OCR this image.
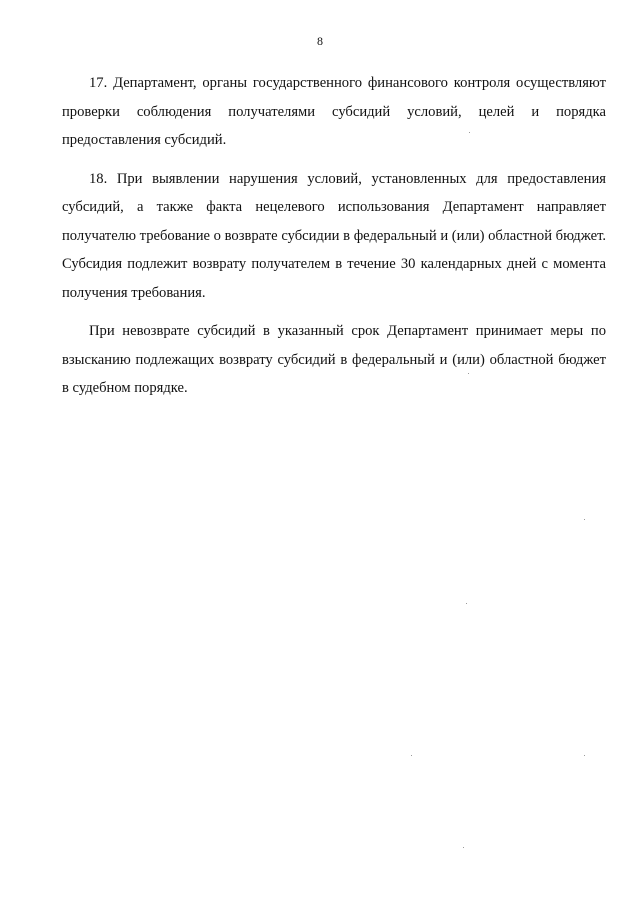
8

17. Департамент, органы государственного финансового контроля осуществляют проверки соблюдения получателями субсидий условий, целей и порядка предоставления субсидий.

18. При выявлении нарушения условий, установленных для предоставления субсидий, а также факта нецелевого использования Департамент направляет получателю требование о возврате субсидии в федеральный и (или) областной бюджет. Субсидия подлежит возврату получателем в течение 30 календарных дней с момента получения требования.

При невозврате субсидий в указанный срок Департамент принимает меры по взысканию подлежащих возврату субсидий в федеральный и (или) областной бюджет в судебном порядке.
